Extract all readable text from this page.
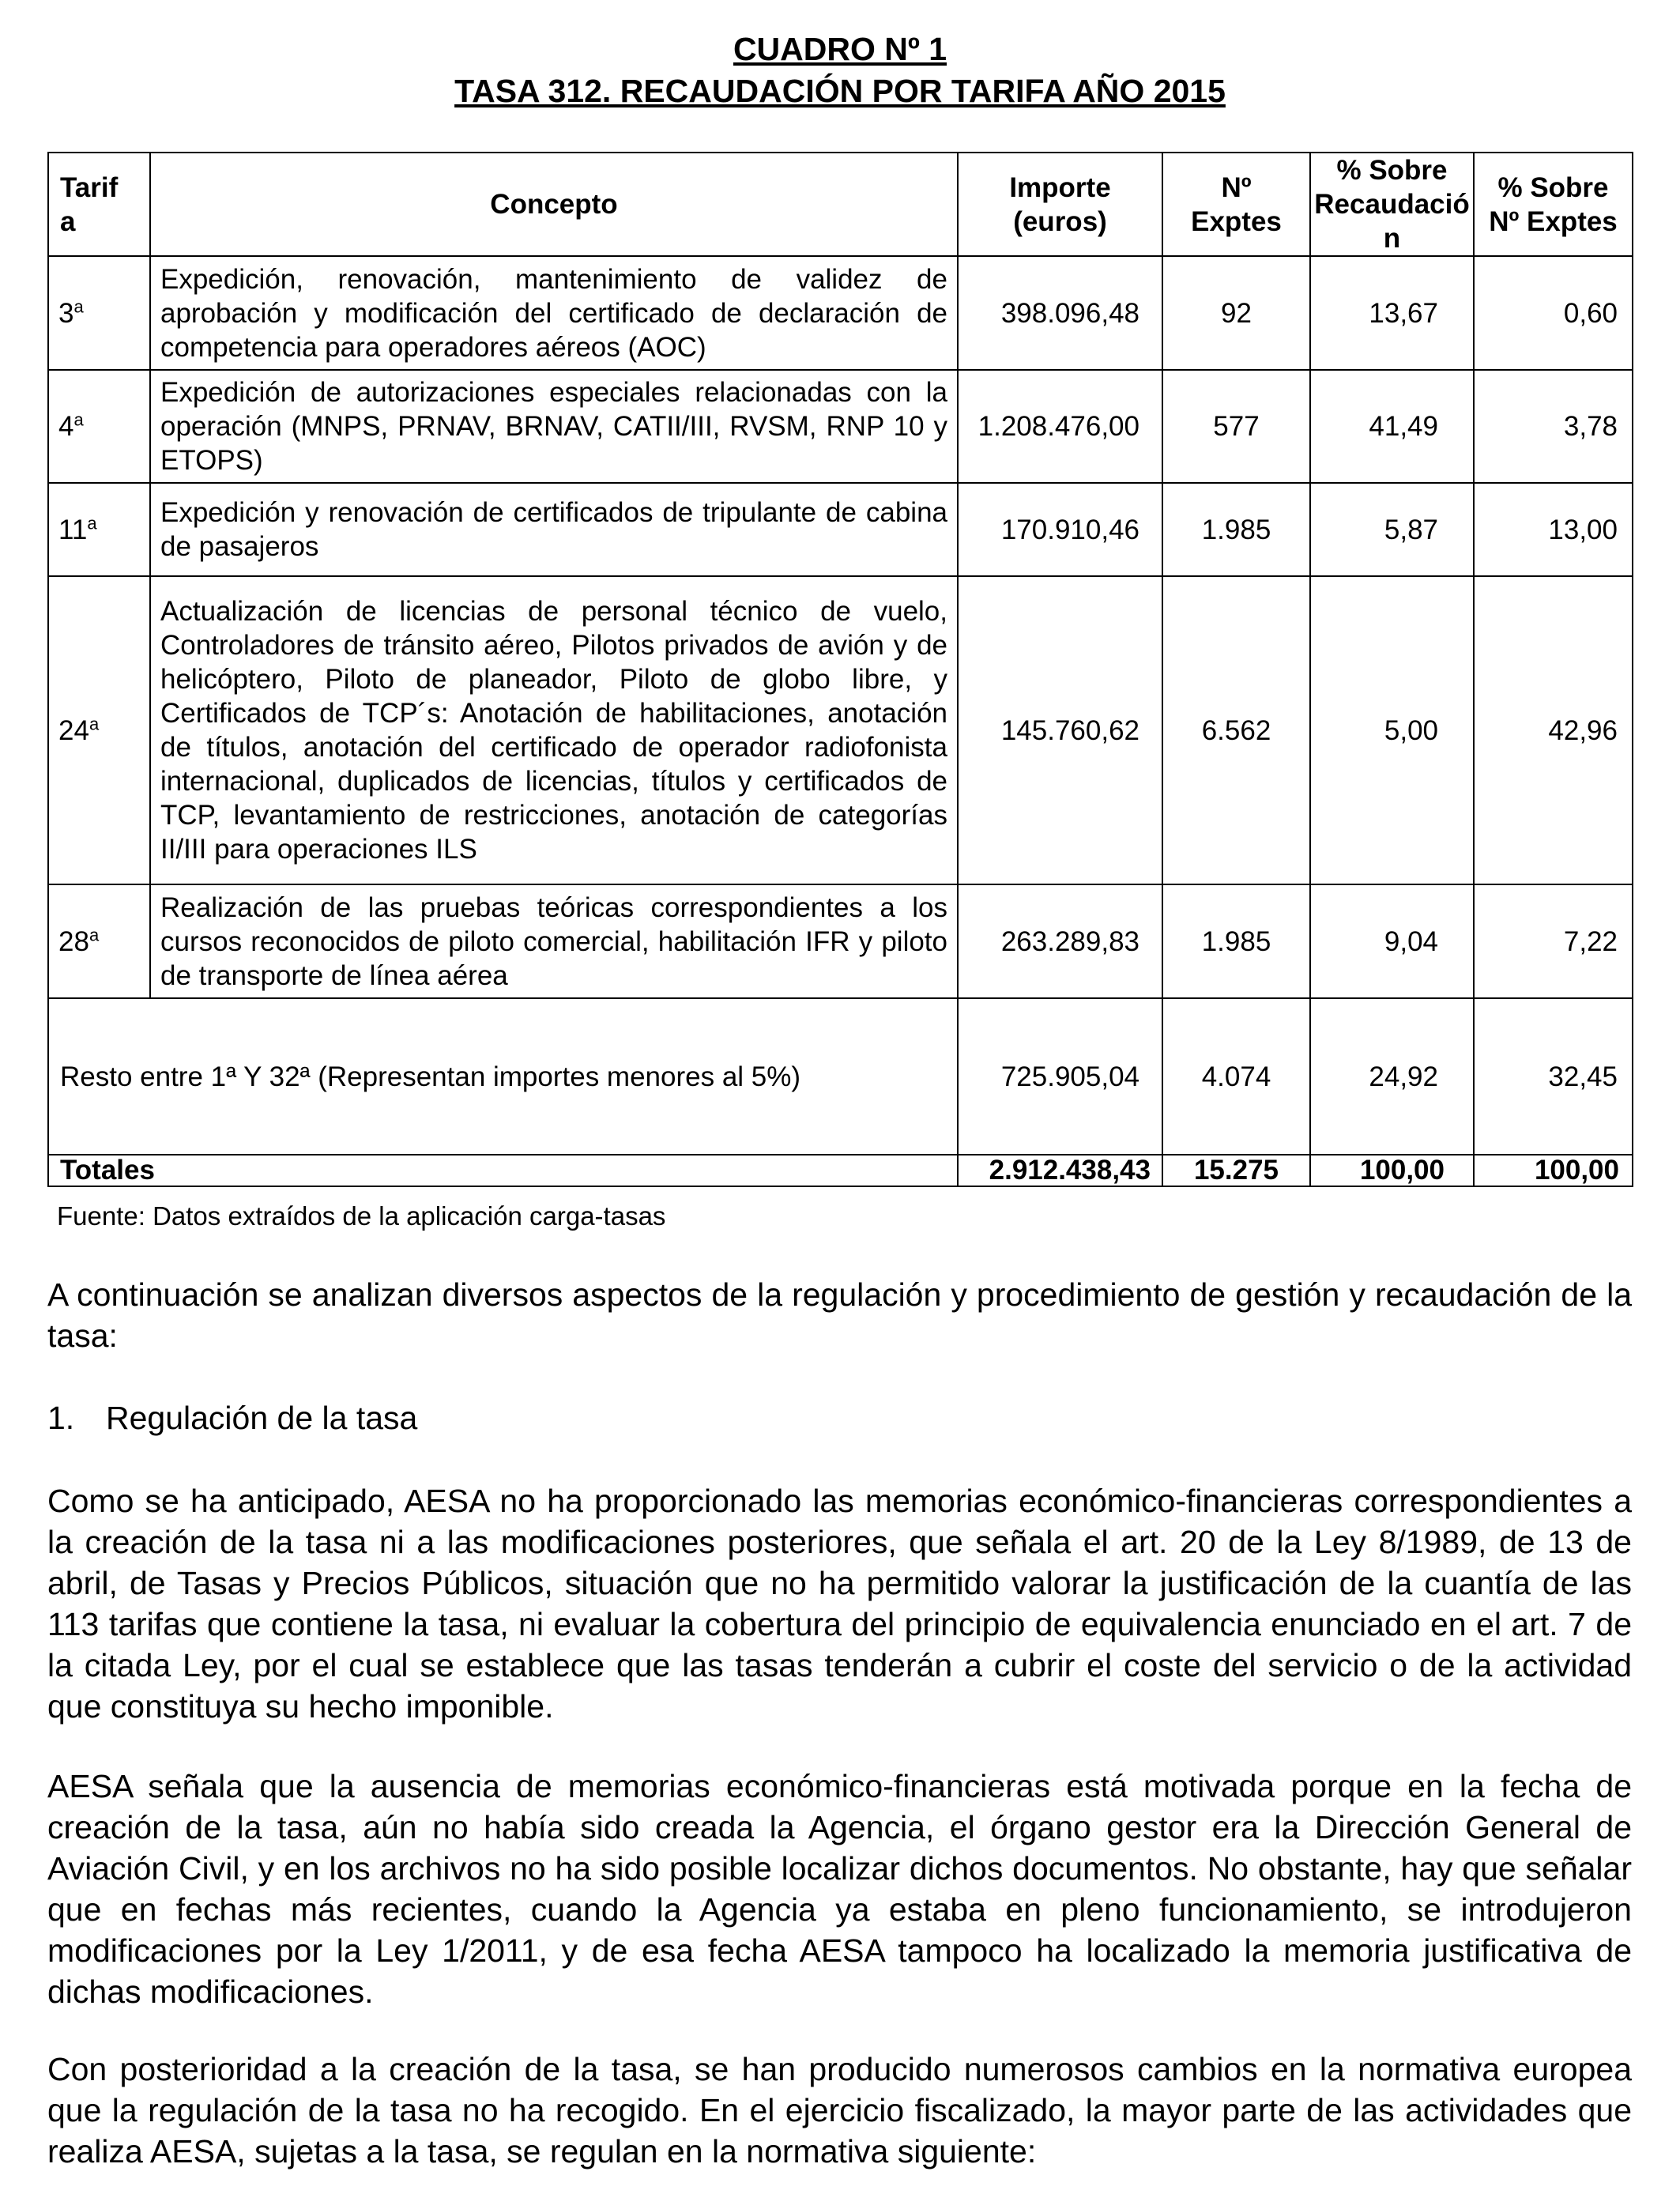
CUADRO Nº 1
TASA 312. RECAUDACIÓN POR TARIFA AÑO 2015
Tarif a	Concepto	Importe (euros)	Nº Exptes	% Sobre Recaudació n	% Sobre Nº Exptes
3$^a$	Expedición, renovación, mantenimiento de validez de aprobación y modificación del certificado de declaración de competencia para operadores aéreos (AOC)	398.096,48	92	13,67	0,60
4$^a$	Expedición de autorizaciones especiales relacionadas con la operación (MNPS, PRNAV, BRNAV, CATII/III, RVSM, RNP 10 y ETOPS)	1.208.476,00	577	41,49	3,78
11$^a$	Expedición y renovación de certificados de tripulante de cabina de pasajeros	170.910,46	1.985	5,87	13,00
24$^a$	Actualización de licencias de personal técnico de vuelo, Controladores de tránsito aéreo, Pilotos privados de avión y de helicóptero, Piloto de planeador, Piloto de globo libre, y Certificados de TCP´s: Anotación de habilitaciones, anotación de títulos, anotación del certificado de operador radiofonista internacional, duplicados de licencias, títulos y certificados de TCP, levantamiento de restricciones, anotación de categorías II/III para operaciones ILS	145.760,62	6.562	5,00	42,96
28$^a$	Realización de las pruebas teóricas correspondientes a los cursos reconocidos de piloto comercial, habilitación IFR y piloto de transporte de línea aérea	263.289,83	1.985	9,04	7,22
Resto entre 1ª Y 32ª (Representan importes menores al 5%)		725.905,04	4.074	24,92	32,45
Totales		2.912.438,43	15.275	100,00	100,00

Fuente: Datos extraídos de la aplicación carga-tasas

A continuación se analizan diversos aspectos de la regulación y procedimiento de gestión y recaudación de la tasa:

1. Regulación de la tasa

Como se ha anticipado, AESA no ha proporcionado las memorias económico-financieras correspondientes a la creación de la tasa ni a las modificaciones posteriores, que señala el art. 20 de la Ley 8/1989, de 13 de abril, de Tasas y Precios Públicos, situación que no ha permitido valorar la justificación de la cuantía de las 113 tarifas que contiene la tasa, ni evaluar la cobertura del principio de equivalencia enunciado en el art. 7 de la citada Ley, por el cual se establece que las tasas tenderán a cubrir el coste del servicio o de la actividad que constituya su hecho imponible.

AESA señala que la ausencia de memorias económico-financieras está motivada porque en la fecha de creación de la tasa, aún no había sido creada la Agencia, el órgano gestor era la Dirección General de Aviación Civil, y en los archivos no ha sido posible localizar dichos documentos. No obstante, hay que señalar que en fechas más recientes, cuando la Agencia ya estaba en pleno funcionamiento, se introdujeron modificaciones por la Ley 1/2011, y de esa fecha AESA tampoco ha localizado la memoria justificativa de dichas modificaciones.

Con posterioridad a la creación de la tasa, se han producido numerosos cambios en la normativa europea que la regulación de la tasa no ha recogido. En el ejercicio fiscalizado, la mayor parte de las actividades que realiza AESA, sujetas a la tasa, se regulan en la normativa siguiente:
